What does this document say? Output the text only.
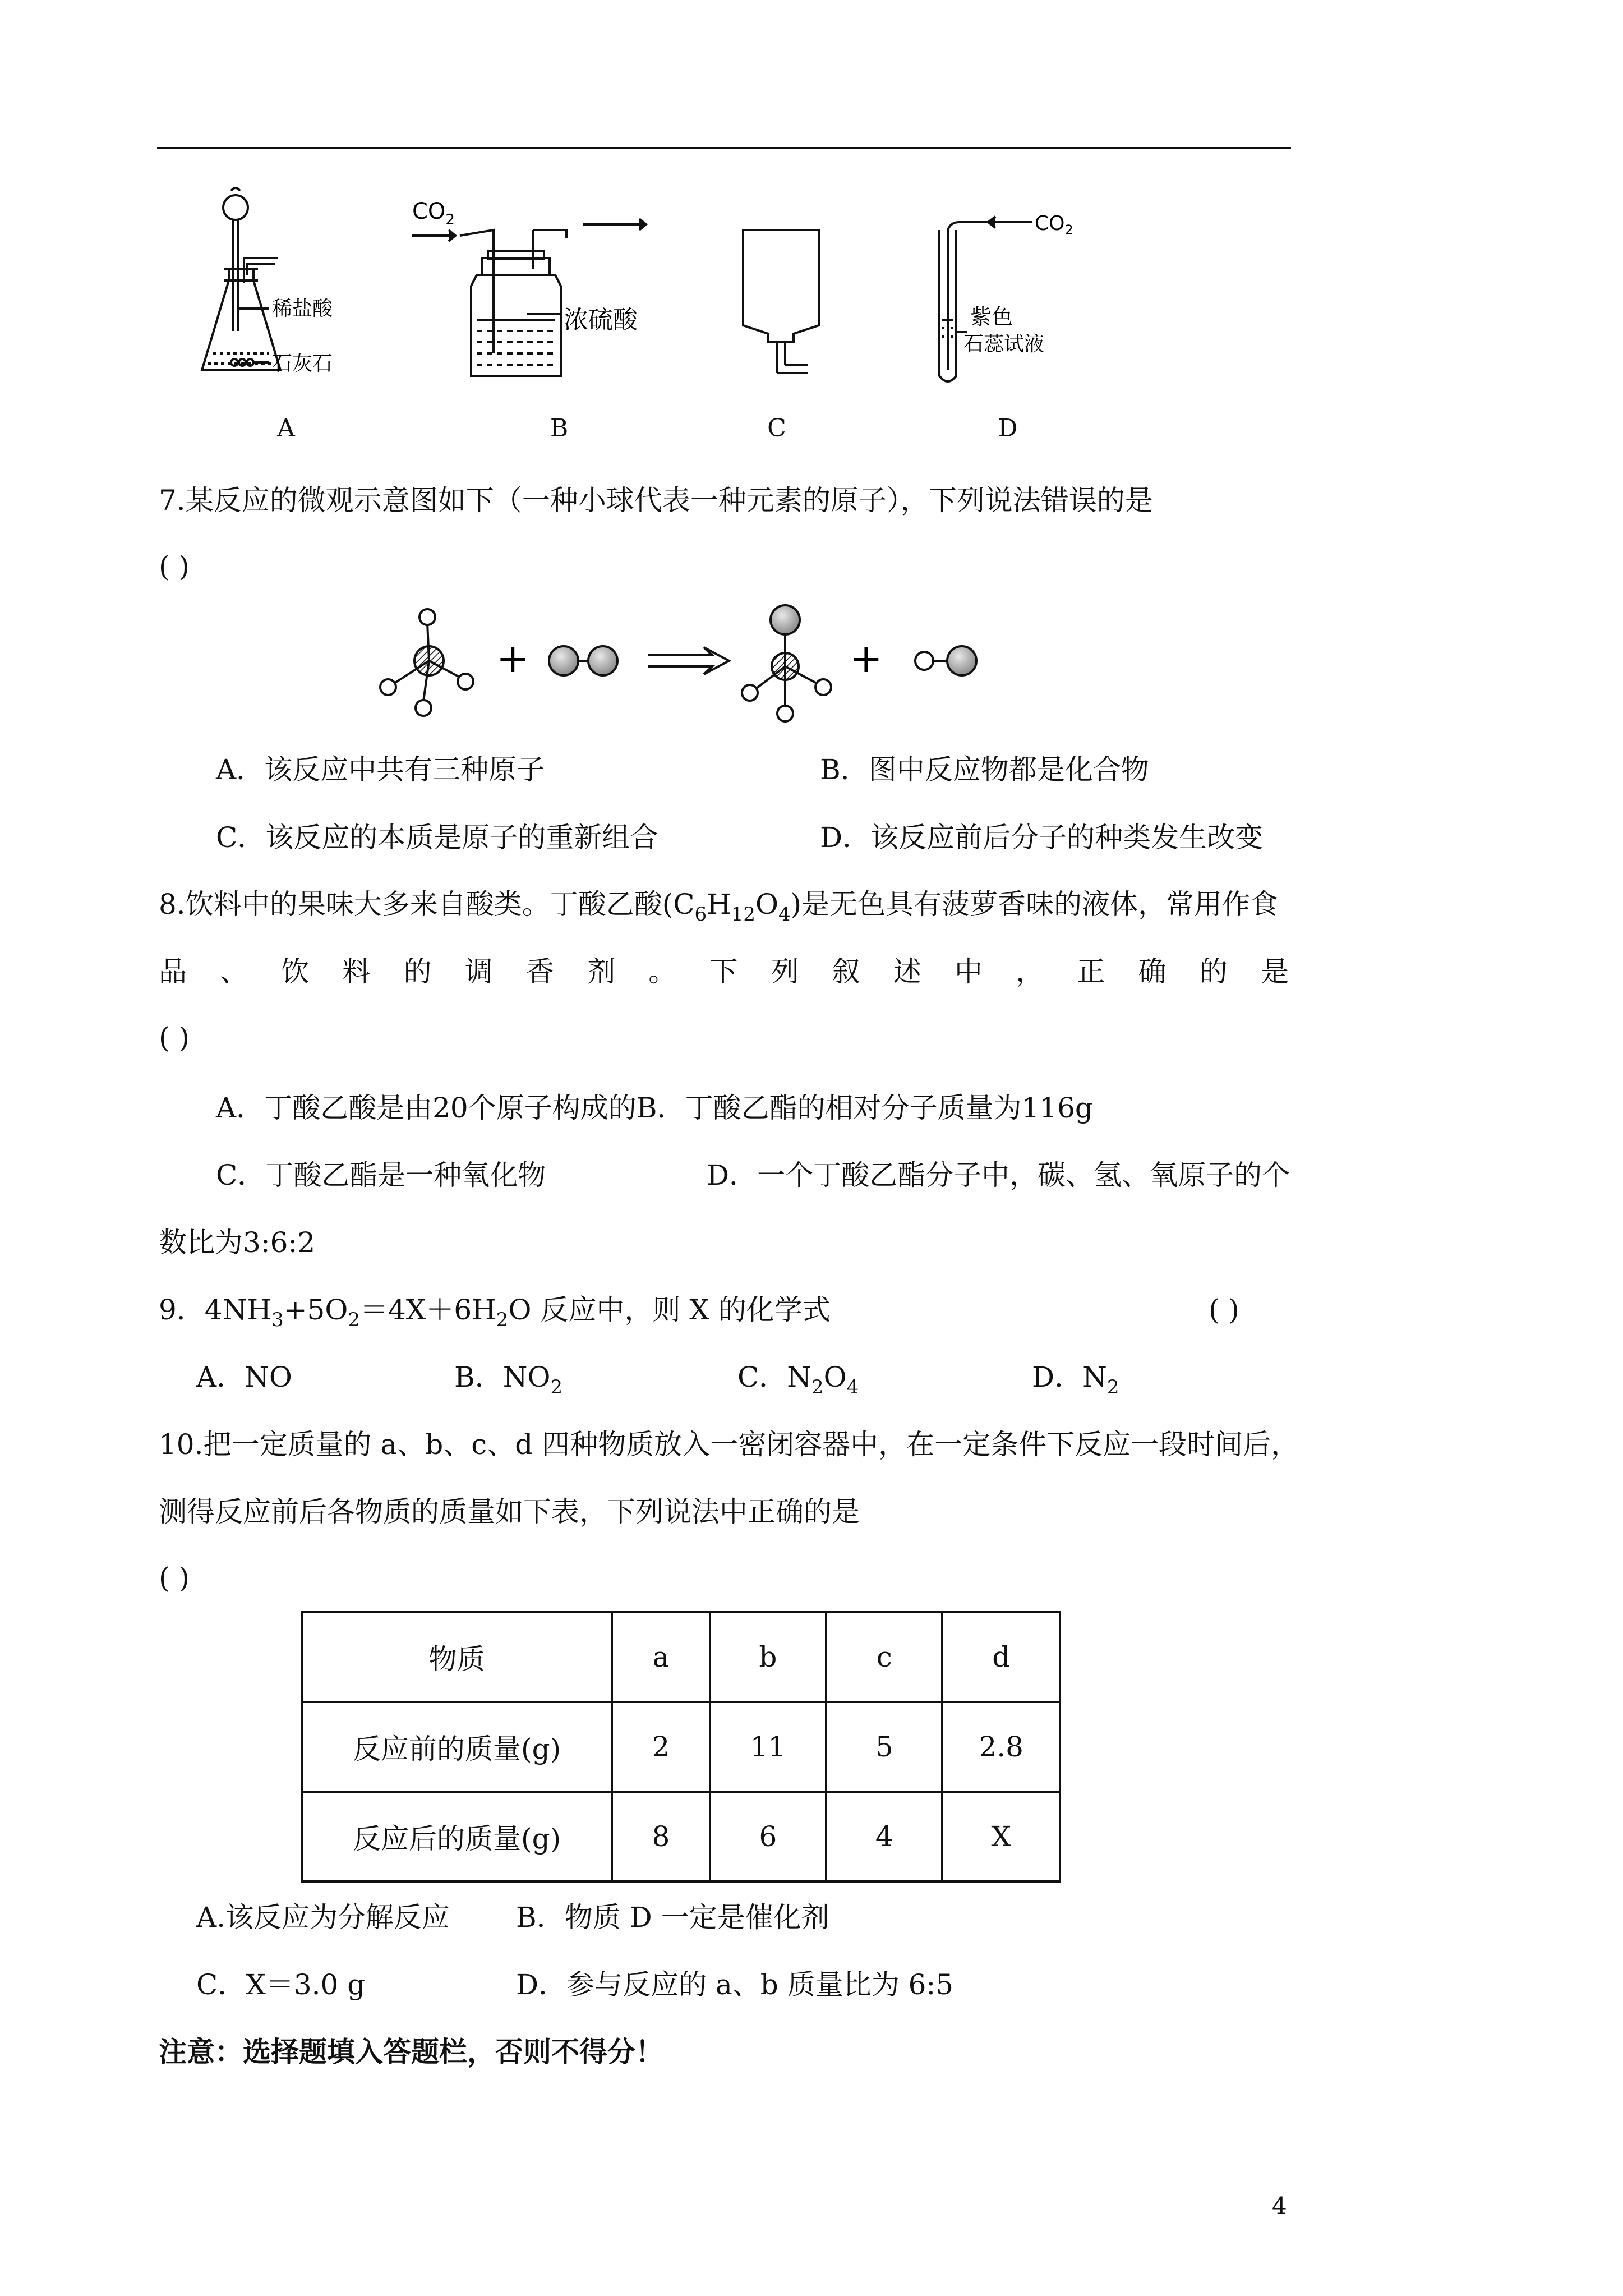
稀盐酸
石灰石
$CO_2$
浓硫酸
$CO_2$
紫色
石蕊试液
A	B	C	D
7.某反应的微观示意图如下（一种小球代表一种元素的原子），下列说法错误的是
( )
+	+
A．该反应中共有三种原子	B．图中反应物都是化合物
C．该反应的本质是原子的重新组合	D．该反应前后分子的种类发生改变
8.饮料中的果味大多来自酸类。丁酸乙酸$(C_6H_{12}O_4)$是无色具有菠萝香味的液体，常用作食
品 、 饮 料 的 调 香 剂 。 下 列 叙 述 中 ， 正 确 的 是
( )
A．丁酸乙酸是由20个原子构成的B．丁酸乙酯的相对分子质量为116g
C．丁酸乙酯是一种氧化物	D．一个丁酸乙酯分子中，碳、氢、氧原子的个
数比为3:6:2
9．$4NH_3+5O_2=4X+6H_2O$ 反应中，则 X 的化学式	( )
A．NO	B．$NO_2$	C．$N_2O_4$	D．$N_2$
10.把一定质量的 a、b、c、d 四种物质放入一密闭容器中，在一定条件下反应一段时间后，
测得反应前后各物质的质量如下表，下列说法中正确的是
( )
物质	a	b	c	d
反应前的质量(g)	2	11	5	2.8
反应后的质量(g)	8	6	4	X
A.该反应为分解反应 B．物质 D 一定是催化剂
C．X＝3.0 g	D．参与反应的 a、b 质量比为 6:5
注意：选择题填入答题栏，否则不得分！
4
